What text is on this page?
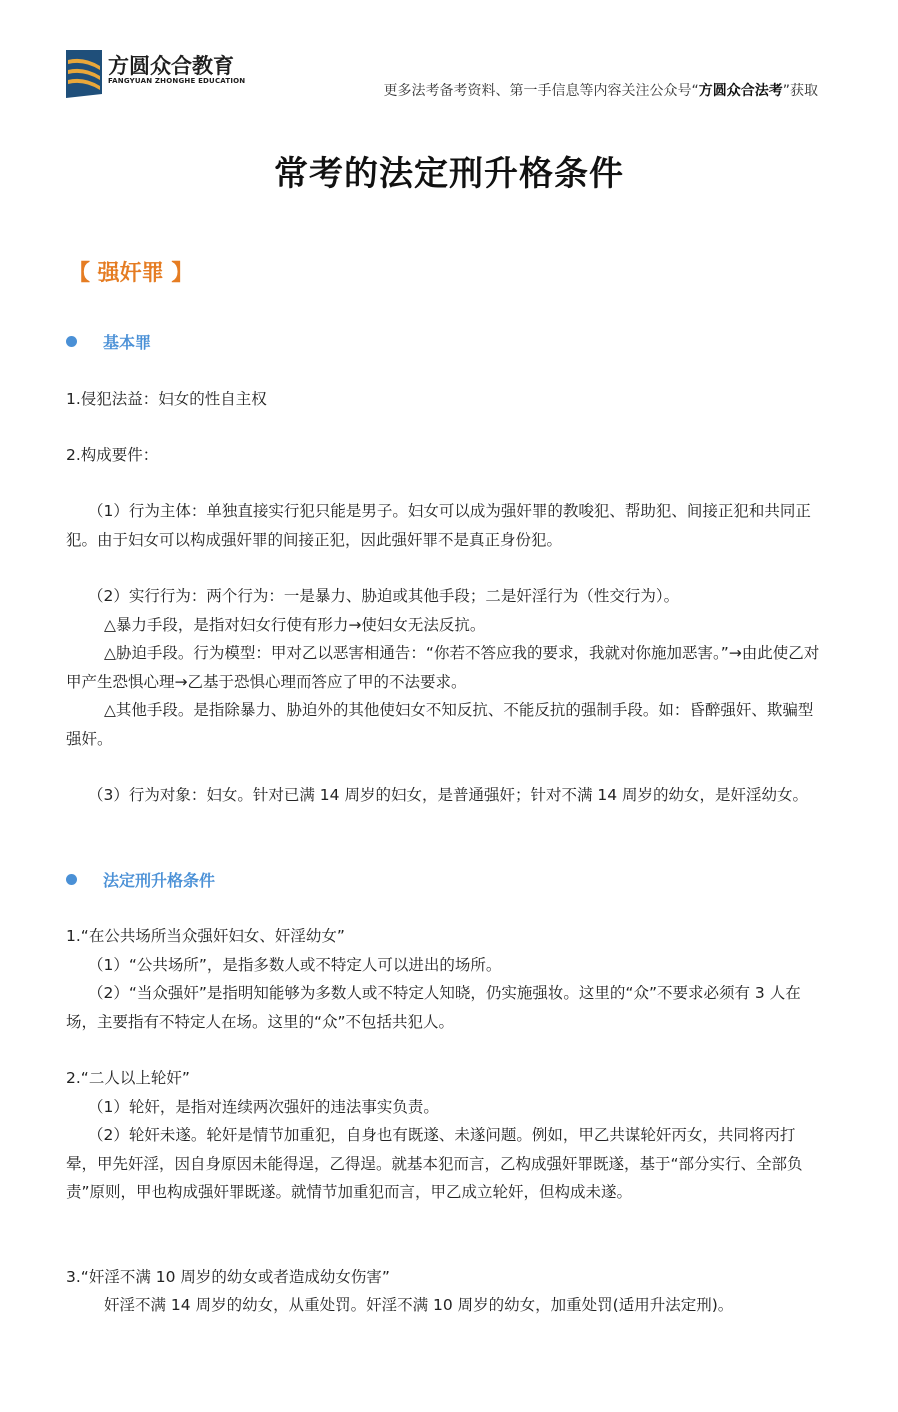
方圆众合教育
FANGYUAN ZHONGHE EDUCATION
更多法考备考资料、第一手信息等内容关注公众号“方圆众合法考”获取
常考的法定刑升格条件
【 强奸罪 】
基本罪
1.侵犯法益：妇女的性自主权
2.构成要件：
（1）行为主体：单独直接实行犯只能是男子。妇女可以成为强奸罪的教唆犯、帮助犯、间接正犯和共同正犯。由于妇女可以构成强奸罪的间接正犯，因此强奸罪不是真正身份犯。
（2）实行行为：两个行为：一是暴力、胁迫或其他手段；二是奸淫行为（性交行为）。
△暴力手段，是指对妇女行使有形力→使妇女无法反抗。
△胁迫手段。行为模型：甲对乙以恶害相通告：“你若不答应我的要求，我就对你施加恶害。”→由此使乙对甲产生恐惧心理→乙基于恐惧心理而答应了甲的不法要求。
△其他手段。是指除暴力、胁迫外的其他使妇女不知反抗、不能反抗的强制手段。如：昏醉强奸、欺骗型强奸。
（3）行为对象：妇女。针对已满 14 周岁的妇女，是普通强奸；针对不满 14 周岁的幼女，是奸淫幼女。
法定刑升格条件
1.“在公共场所当众强奸妇女、奸淫幼女”
（1）“公共场所”，是指多数人或不特定人可以进出的场所。
（2）“当众强奸”是指明知能够为多数人或不特定人知晓，仍实施强妆。这里的“众”不要求必须有 3 人在场，主要指有不特定人在场。这里的“众”不包括共犯人。
2.“二人以上轮奸”
（1）轮奸，是指对连续两次强奸的违法事实负责。
（2）轮奸未遂。轮奸是情节加重犯，自身也有既遂、未遂问题。例如，甲乙共谋轮奸丙女，共同将丙打晕，甲先奸淫，因自身原因未能得逞，乙得逞。就基本犯而言，乙构成强奸罪既遂，基于“部分实行、全部负责”原则，甲也构成强奸罪既遂。就情节加重犯而言，甲乙成立轮奸，但构成未遂。
3.“奸淫不满 10 周岁的幼女或者造成幼女伤害”
奸淫不满 14 周岁的幼女，从重处罚。奸淫不满 10 周岁的幼女，加重处罚(适用升法定刑)。
